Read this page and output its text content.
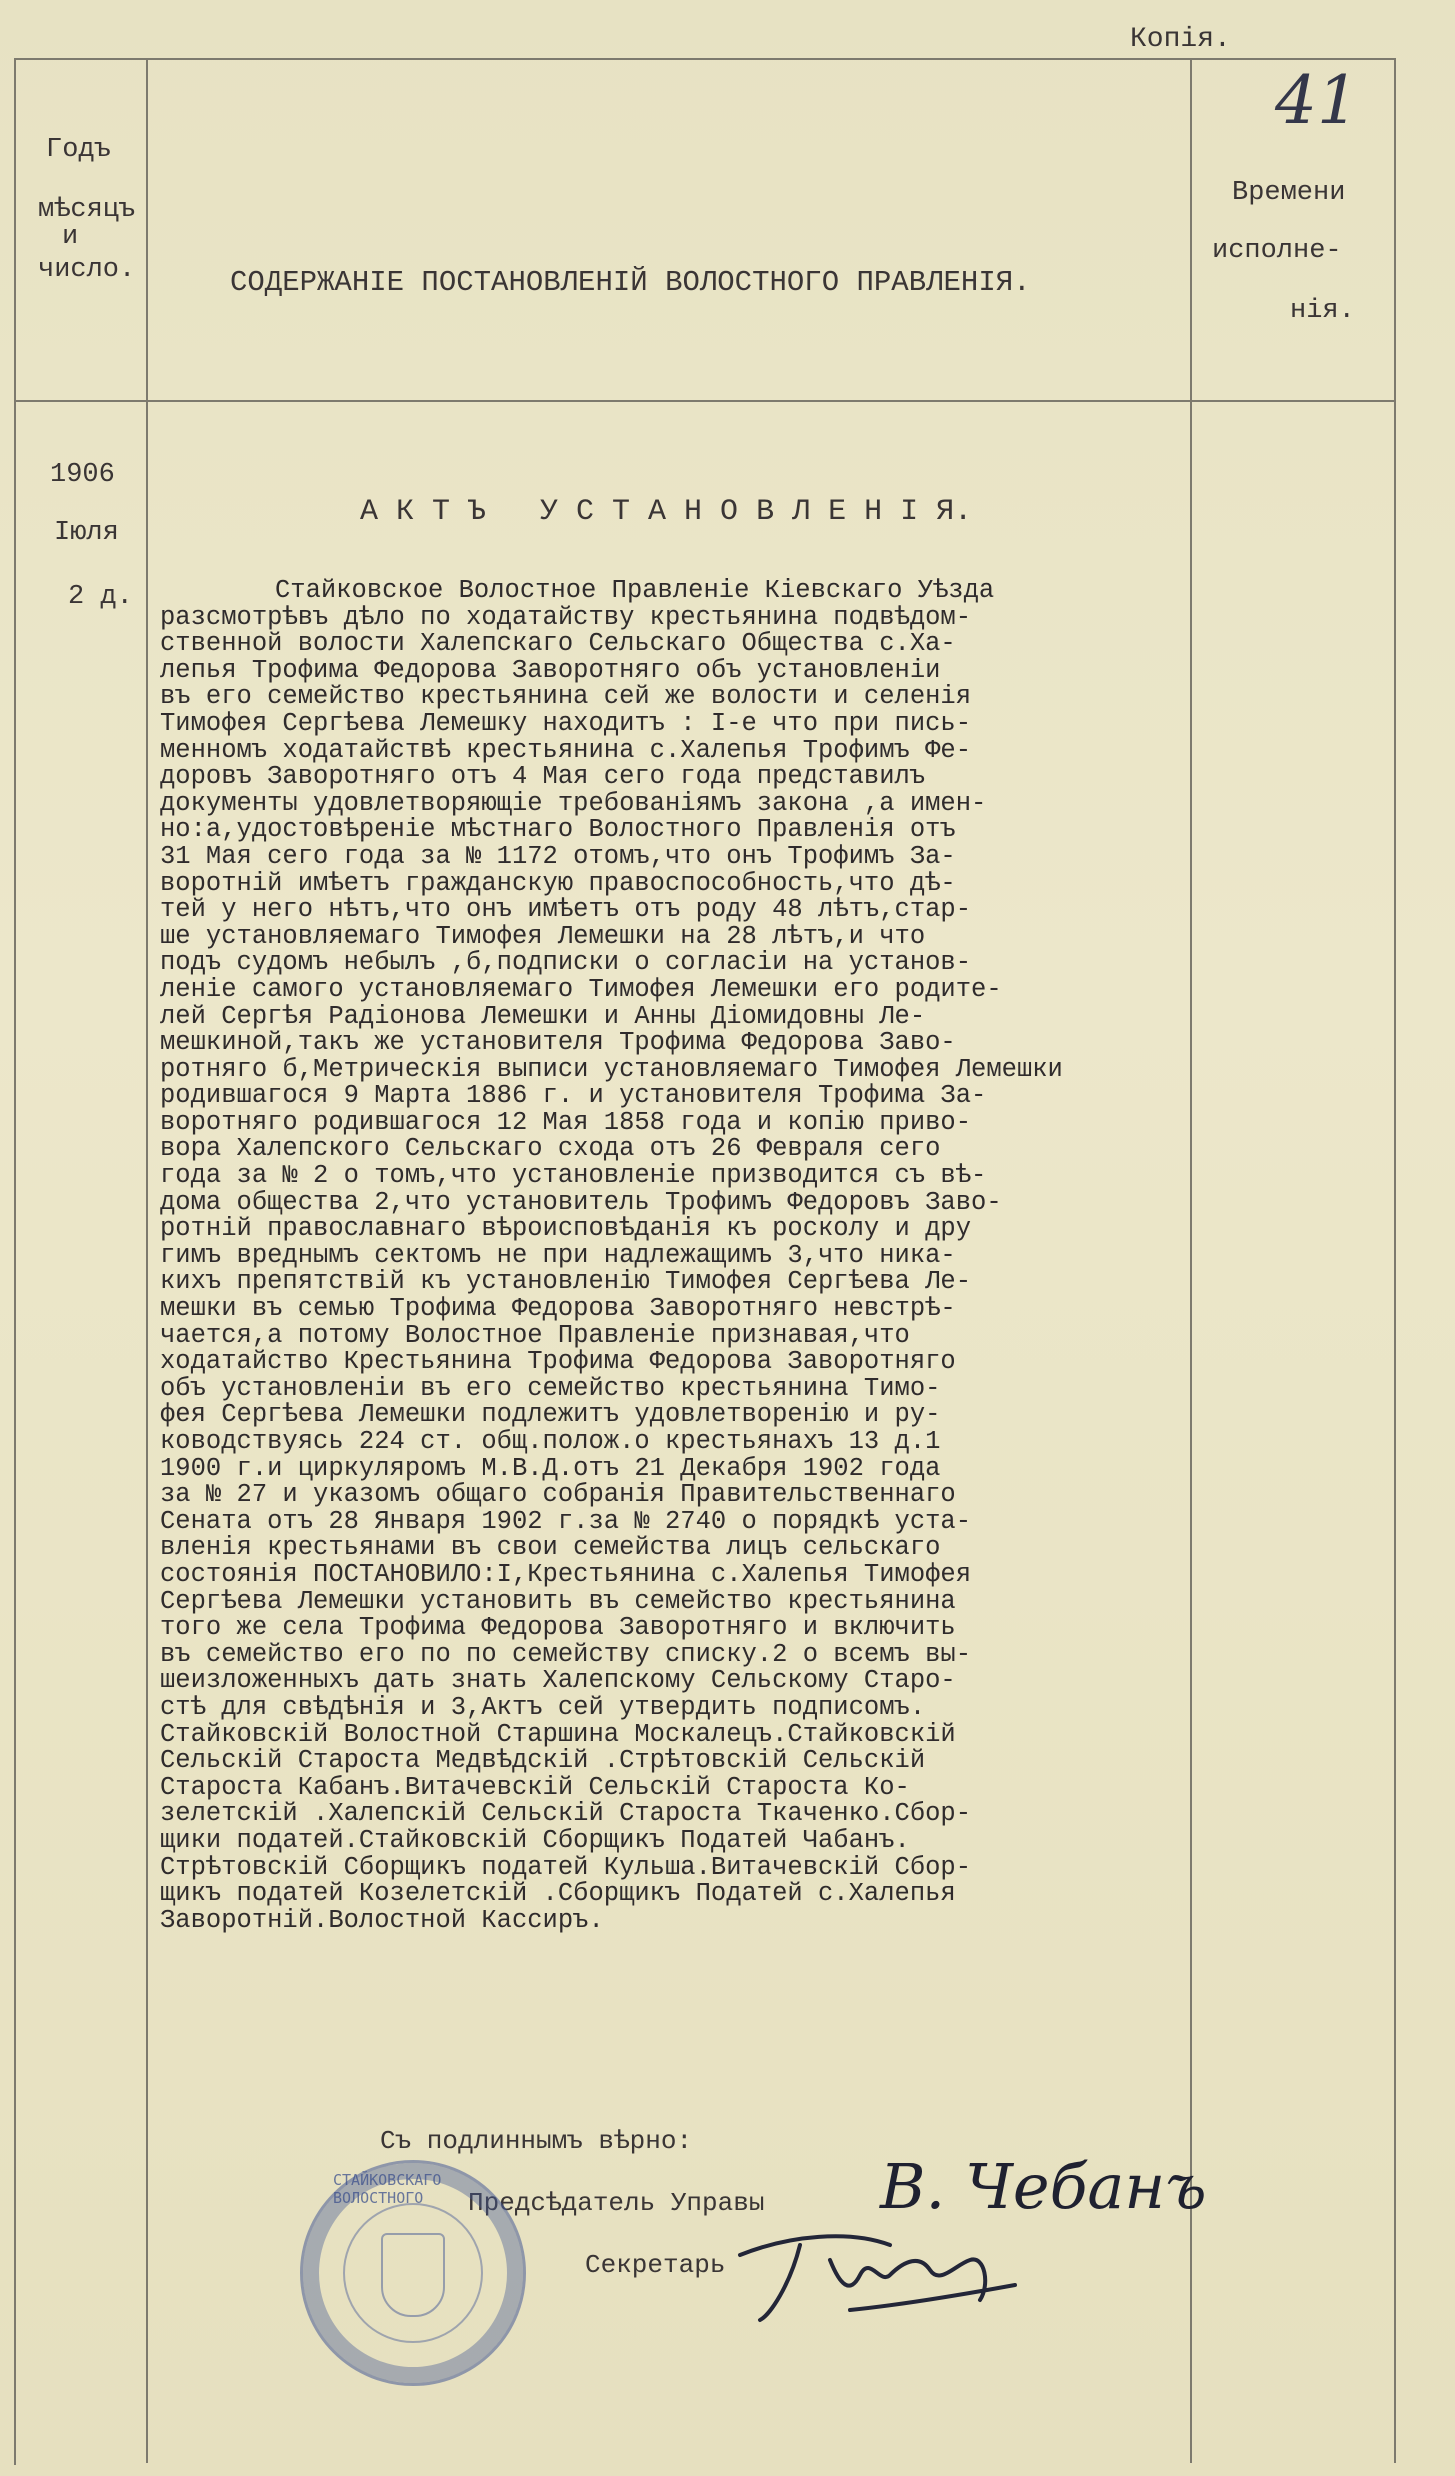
Копія.
41
Годъ
мѣсяцъ
и
число.	СОДЕРЖАНIЕ ПОСТАНОВЛЕНIЙ ВОЛОСТНОГО ПРАВЛЕНIЯ.
Времени
исполне-
нія.
1906
Іюля
2 д.
А К Т Ъ   У С Т А Н О В Л Е Н I Я.
Стайковское Волостное Правленіе Кіевскаго Уѣзда
разсмотрѣвъ дѣло по ходатайству крестьянина подвѣдом-
ственной волости Халепскаго Сельскаго Общества с.Ха-
лепья Трофима Федорова Заворотняго объ установленіи
въ его семейство крестьянина сей же волости и селенія
Тимофея Сергѣева Лемешку находитъ : I-е что при пись-
менномъ ходатайствѣ крестьянина с.Халепья Трофимъ Фе-
доровъ Заворотняго отъ 4 Мая сего года представилъ
документы удовлетворяющіе требованіямъ закона ,а имен-
но:а,удостовѣреніе мѣстнаго Волостного Правленія отъ
31 Мая сего года за № 1172 отомъ,что онъ Трофимъ За-
воротній имѣетъ гражданскую правоспособность,что дѣ-
тей у него нѣтъ,что онъ имѣетъ отъ роду 48 лѣтъ,стар-
ше установляемаго Тимофея Лемешки на 28 лѣтъ,и что
подъ судомъ небылъ ,б,подписки о согласіи на установ-
леніе самого установляемаго Тимофея Лемешки его родите-
лей Сергѣя Радіонова Лемешки и Анны Діомидовны Ле-
мешкиной,такъ же установителя Трофима Федорова Заво-
ротняго б,Метрическія выписи установляемаго Тимофея Лемешки
родившагося 9 Марта 1886 г. и установителя Трофима За-
воротняго родившагося 12 Мая 1858 года и копію приво-
вора Халепского Сельскаго схода отъ 26 Февраля сего
года за № 2 о томъ,что установленіе призводится съ вѣ-
дома общества 2,что установитель Трофимъ Федоровъ Заво-
ротній православнаго вѣроисповѣданія къ росколу и дру
гимъ вреднымъ сектомъ не при надлежащимъ 3,что ника-
кихъ препятствій къ установленію Тимофея Сергѣева Ле-
мешки въ семью Трофима Федорова Заворотняго невстрѣ-
чается,а потому Волостное Правленіе признавая,что
ходатайство Крестьянина Трофима Федорова Заворотняго
объ установленіи въ его семейство крестьянина Тимо-
фея Сергѣева Лемешки подлежитъ удовлетворенію и ру-
ководствуясь 224 ст. общ.полож.о крестьянахъ 13 д.1
1900 г.и циркуляромъ М.В.Д.отъ 21 Декабря 1902 года
за № 27 и указомъ общаго собранія Правительственнаго
Сената отъ 28 Января 1902 г.за № 2740 о порядкѣ уста-
вленія крестьянами въ свои семейства лицъ сельскаго
состоянія ПОСТАНОВИЛО:I,Крестьянина с.Халепья Тимофея
Сергѣева Лемешки установить въ семейство крестьянина
того же села Трофима Федорова Заворотняго и включить
въ семейство его по по семейству списку.2 о всемъ вы-
шеизложенныхъ дать знать Халепскому Сельскому Старо-
стѣ для свѣдѣнія и 3,Актъ сей утвердить подписомъ.
Стайковскій Волостной Старшина Москалецъ.Стайковскій
Сельскій Староста Медвѣдскій .Стрѣтовскій Сельскій
Староста Кабанъ.Витачевскій Сельскій Староста Ко-
зелетскій .Халепскій Сельскій Староста Ткаченко.Сбор-
щики податей.Стайковскій Сборщикъ Податей Чабанъ.
Стрѣтовскій Сборщикъ податей Кульша.Витачевскій Сбор-
щикъ податей Козелетскій .Сборщикъ Податей с.Халепья
Заворотній.Волостной Кассиръ.
Съ подлиннымъ вѣрно:
Предсѣдатель Управы В. Чебанъ
Секретарь
СТАЙКОВСКАГО ВОЛОСТНОГО
